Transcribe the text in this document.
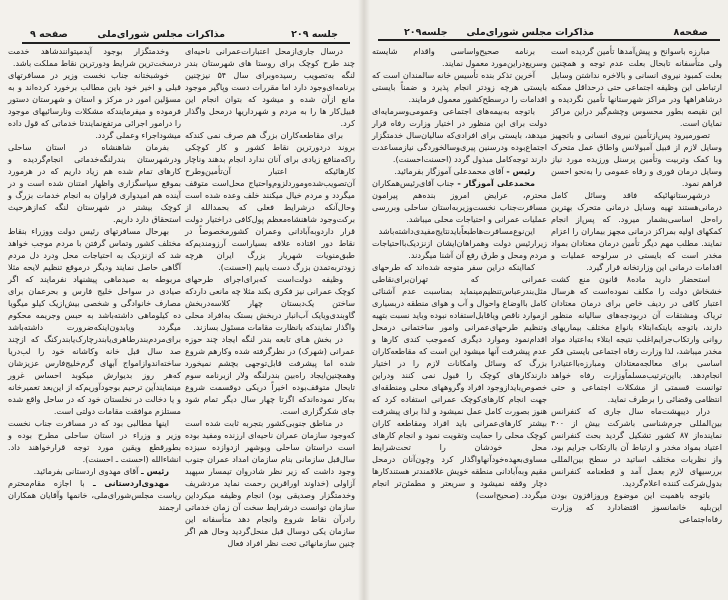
جلسه ۲۰۹
مذاکرات مجلس شورای‌ملی
صفحه ۹

درسال جاری‌ازمحل اعتبارات‌عمرانی ناحیه‌ای چند طرح کوچک برای روستا های شهرستان بندر لنگه به‌تصویب رسیده‌وبرای سال ۵۴ نیزچنین برنامه‌ای‌وجود دارد اما مقررات دست وپاگیر موجود مانع ازآن شده و میشود که بتوان انجام این قبیل‌کار ها را به مردم و شهرداریها درمحل واگذار کرد.

برای مقاطعه‌کاران بزرگ هم صرف نمی کندکه بروند دردورترین نقاط کشور و کار کوچکی راکه‌منافع زیادی برای آنان ندارد انجام بدهند وناچار کارهائیکه اعتبار آن‌تأمین‌وطرح آن‌تصویب‌شده‌وموردلزوم‌واحتیاج محل‌است متوقف میگردد و مردم خیال میکنند خلف وعده شده است وحال‌آنکه درشرایط فعلی که بحمدالله از برکت‌وجود شاهنشاه‌معظم پول‌کافی دراختیار دولت قرار داردوبه‌آبادانی وعمران کشورمخصوصاً در نقاط دور افتاده علاقه بسیاراست آرزومندیم‌که طبق‌منویات شهریار بزرگ ایران هرچه زودتربه‌تمدن بزرگ دست یابیم (احسنت).

وظیفه دولت‌است که‌برای‌اجرای طرحهای کوچک عمرانی نیز فکری بکند مثلا چه مانعی داردکه ساختن یک‌دبستان چهار کلاسه‌دربخش گاوبندی‌ویایک آب‌انبار دربخش بستک به‌افراد محلی واگذار نمایند‌که بانظارت مقامات مسئول بسازند.

در بخش هـای تابعه بندر لنگه ایجاد چند حوزه عمرانی (شهرک) در نظرگرفته شده وکارهم شروع شده اما پیشرفت قابل‌توجهی بچشم نمیخورد وهمچنین‌ایجاد راه‌بین بندرلنگه ولار ازبرنامه سوم تابحال متوقف‌بوده اخیراً دریکی دوقسمت شروع به‌کار نموده‌اندکه اگرتا چهار سال دیگر تمام شود جای شکرگزاری است.

در مناطق جنوبی‌کشور بتجربه ثابت شده است که‌وجود سازمان عمران ناحیه‌ای ارزنده ومفید بوده است دراستان ساحلی وبوشهر ازدوازده سیزده سال‌قبل سازمانی بنام سازمان امداد عمران جنوب وجود داشت که زیر نظر شادروان تیمسار سپهبد آزاولی (خداوند اورا‌قرین رحمت نماید مردشریف وخدمتگزار وصدیقی بود) انجام وظیفه میکرد‌این سازمان توانست درشرایط سخت آن زمان خدماتی رادرآن نقاط شروع وانجام دهد متأسفانه این سازمان یکی دوسال قبل منحل‌گردید وحال هم اگر چنین سازمانهائی تحت نظر افراد فعال

وخدمتگزار بوجود آیدمیتوانندشاهد خدمت درسخت‌ترین شرایط ودورترین نقاط مملکت باشد.

خوشبختانه جناب نخست وزیر در مسافرتهای قبلی و اخیر خود باین مطالب برخورد کرده‌اند و به مسؤلین امور در مرکز و استان و شهرستان دستور فرموده و میفرمایندکه مشکلات ونارسائیهای موجود را درامور اجرائی مرتفع‌نمایندتا خدماتی که قول داده میشوداجراء وعملی گردد.

بفرمان شاهنشاه در استان ساحلی ودرشهرستان بندرلنگه‌خدماتی انجام‌گردیده و کارهای تمام شده هم زیاد داریم که در هرمورد بموقع سپاسگزاری واظهار امتنان شده است و در آینده هم امیدواری فراوان به انجام خدمات بزرگ و کوچک بیشتر در شهرستان لنگه که‌ازهرحیث استحقاق دارد داریم.

بهرحال مسافرتهای رئیس دولت ووزراء بنقاط مختلف کشور وتماس گرفتن با مردم موجب خواهد شد که ازنزدیک به احتیاجات محل ودرد دل مردم آگاهی حاصل نمایند ودیگر درموقع تنظیم لایحه مثلا مربوطه به صیدماهی پیشنهاد نفرمایند که اگر صیادی در سواحل خلیج فارس و بحرعمان برای مصارف خانوادگی و شخصی بیش‌ازیک کیلو میگویا ده کیلوماهی داشته‌باشد به حبس وجریمه محکوم میگردد ویابدون‌اینکه‌ضرورت داشته‌باشد برای‌مردم‌بندرطاهری‌یابندرچارک‌یابندرکنگ که ازچند صد سال قبل خانه وکاشانه خود را لب‌دریا ساخته‌اندوازامواج آبهای گرم‌خلیج‌فارس عزیزشان که‌هر روز بدیوارش میکوبد احساس غرور مینمایندآین ترحیم بوجودآوریم‌که از این‌بعد تعمیرخانه و یا دخالت در نخلستان خود که در ساحل واقع شده مستلزم موافقت مقامات دولتی است.

اینها مطالبی بود که در مسافرت جناب نخست وزیر و وزراء در استان ساحلی مطرح بوده و بطورقطع ویقین مورد توجه قرارخواهند داد. انشاءالله (احسنت ـ احسنت).

رئیس ـ آقای مهدوی اردستانی بفرمائید.

مهدوی‌اردستانی ـ با اجازه مقام‌محترم ریاست مجلس‌شورای‌ملی، خانمها وآقایان همکاران ارجمند

جلسه۲۰۹ مذاکرات مجلس شورای‌ملی	صفحه۸

برنامه صحیح‌واساسی واقدام شایسته وسریع‌دراین‌مورد معمول نمایند.

آخرین تذکر بنده تأسیس خانه سالمندان است که بایستی هرچه زودتر انجام پذیرد و ضمناً بایستی اقدامات را درسطح‌کشور معمول فرمایند.

باتوجه به‌بیمه‌های اجتماعی وعمومی‌وسرمایه‌ای دولت برای این منظور در اختیار وزارت رفاه قرار میدهد، بایستی برای افرادی‌که سالیان‌سال خدمتگزار اجتماع‌بوده ودرسنین پیری‌وسالخوردگی نیازمساعدت دارند توجه‌کامل مبذول گردد (احسنت‌احسنت).

رئیس - آقای محمدعلی آموزگار بفرمائید.

محمدعلی آموزگار - جناب آقای‌رئیس‌همکاران محترم، عرایض امروز بنده‌هم پیرامون مسافرت‌جناب نخست‌وزیربه‌استان ساحلی وبررسی عملیات عمرانی و احتیاجات محلی میباشد.

این‌نوع‌مسافرت‌ها‌طبعاً‌بایدنتایج‌مفیدی‌داشته‌باشد زیرارئیس دولت وهمراهان‌ایشان ازنزدیک‌بااحتیاجات مردم ومحل و طرق رفع آن آشنا میگردند.

کمااینکه دراین سفر متوجه شده‌اند که طرحهای عمرانی که تهران‌برای‌نقاطی مثل‌بندرعباس‌تنظیم‌مینماید بمناسبت عدم آشنائی کامل بااوضاع واحوال و آب و هوای منطقه دربسیاری ازموارد ناقص ویاقابل‌استفاده نبوده وباید نسبت بتهیه وتنظیم طرحهای‌عمرانی وامور ساختمانی درمحل اقدام‌نمود وموارد دیگری که‌موجب کندی کارها و عدم پیشرفت آنها میشود این است که مقاطعه‌کاران بزرگ که وسائل وامکانات لازم را در اختیار دارند‌کارهای کوچک را قبول نمی کنند ودراین خصوص‌بایدازوجود افراد وگروههای محلی ومنطقه‌ای جهت انجام کارهای‌کوچک عمرانی استفاده کرد که هنوز بصورت کامل عمل نمیشود و لذا برای پیشرفت بیشتر کارهای‌عمرانی باید افراد ومقاطعه کاران کوچک محلی را حمایت وتقویت نمود و انجام کارهای محل خودشان را تحت‌شرایط مساوی‌بعهده‌خودآنهاواگذار کرد وچون‌آنان درمحل مقیم وبه‌آبادانی منطقه خویش علاقمندتر هستند‌کارها دچار وقفه نمیشود و سریعتر و مطمئن‌تر انجام میگردد. (صحیح‌است)

مبارزه باسوانح و پیش‌آمدها تأمین گردیده است ولی متأسفانه تابحال بعلت عدم توجه و همچنین بعلت کمبود نیروی انسانی و بالاخره نداشتن وسایل ارتباطی این وظیفه اجتماعی حتی درحداقل ممکنه درشاهراهها ودر مراکز شهرستانها تأمین نگردیده و این نقیصه بطور محسوس وچشم‌گیر دراین مراکز نمایان است.

تصورمیرود پس‌ازتأمین نیروی انسانی و باتجهیز وسایل لازم از قبیل آمبولانس واطاق عمل متحرک وبا کمک وتربیت وتأمین پرسنل ورزیده مورد نیاز وسایل درمان فوری و رفاه عمومی را به‌نحو احسن فراهم نمود.

درشهرستانهائیکه فاقد وسائل کامل درمانی‌هستند تهیه وسایل درمانی متحرک بهترین راه‌حل اساسی‌بشمار میرود. که پس‌از انجام کمکهای اولیه بمراکز درمانی مجهز بیماران را اعزام نمایند. مطلب مهم دیگر تأمین درمان معتادان بمواد مخدر است که بایستی در سرلوحه عملیات و اقدامات درمانی این وزارتخانه قرار گیرد.

استحضار دارید ماده۸ قانون منع کشت خشخاش دولت را مکلف نموده‌است که هرسال اعتبار کافی در ردیف خاص برای درمان معتادان تریاک ومشتقات آن دربودجه‌های سالیانه منظور دارند، باتوجه باینکه‌ابتلاء بانواع مختلف بیماریهای روانی وارتکاب‌جرایم‌اغلب نتیجه ابتلاء به‌اعتیاد مواد مخدر میباشد، لذا وزارت رفاه اجتماعی بایستی فکر اساسی برای معالجه‌معتادان ومبارزه‌بااعتیادرا انجام‌دهد. بااین‌ترتیب‌مسلماًوزارت رفاه خواهد توانست قسمتی از مشکلات اجتماعی و حتی انتظامی وقضائی را برطرف نماید.

درار دیبهشت‌ماه سال جاری که کنفرانس بین‌المللی جرم‌شناسی باشرکت بیش از ۴۰۰ نماینده‌از ۸۷ کشور تشکیل گردید بحث کنفرانس اعتیاد بمواد مخدر و ارتباط آن باارتکاب جرایم بود، واز نظریات مختلف اساتید در سطح بین‌المللی بررسیهای لازم بعمل آمد و قطعنامه کنفرانس بدول‌شرکت کننده اعلام‌گردید.

باتوجه باهمیت این موضوع وروزافزون بودن این‌بلیه خانمانسوز اقتضادارد که وزارت رفاه‌اجتماعی
